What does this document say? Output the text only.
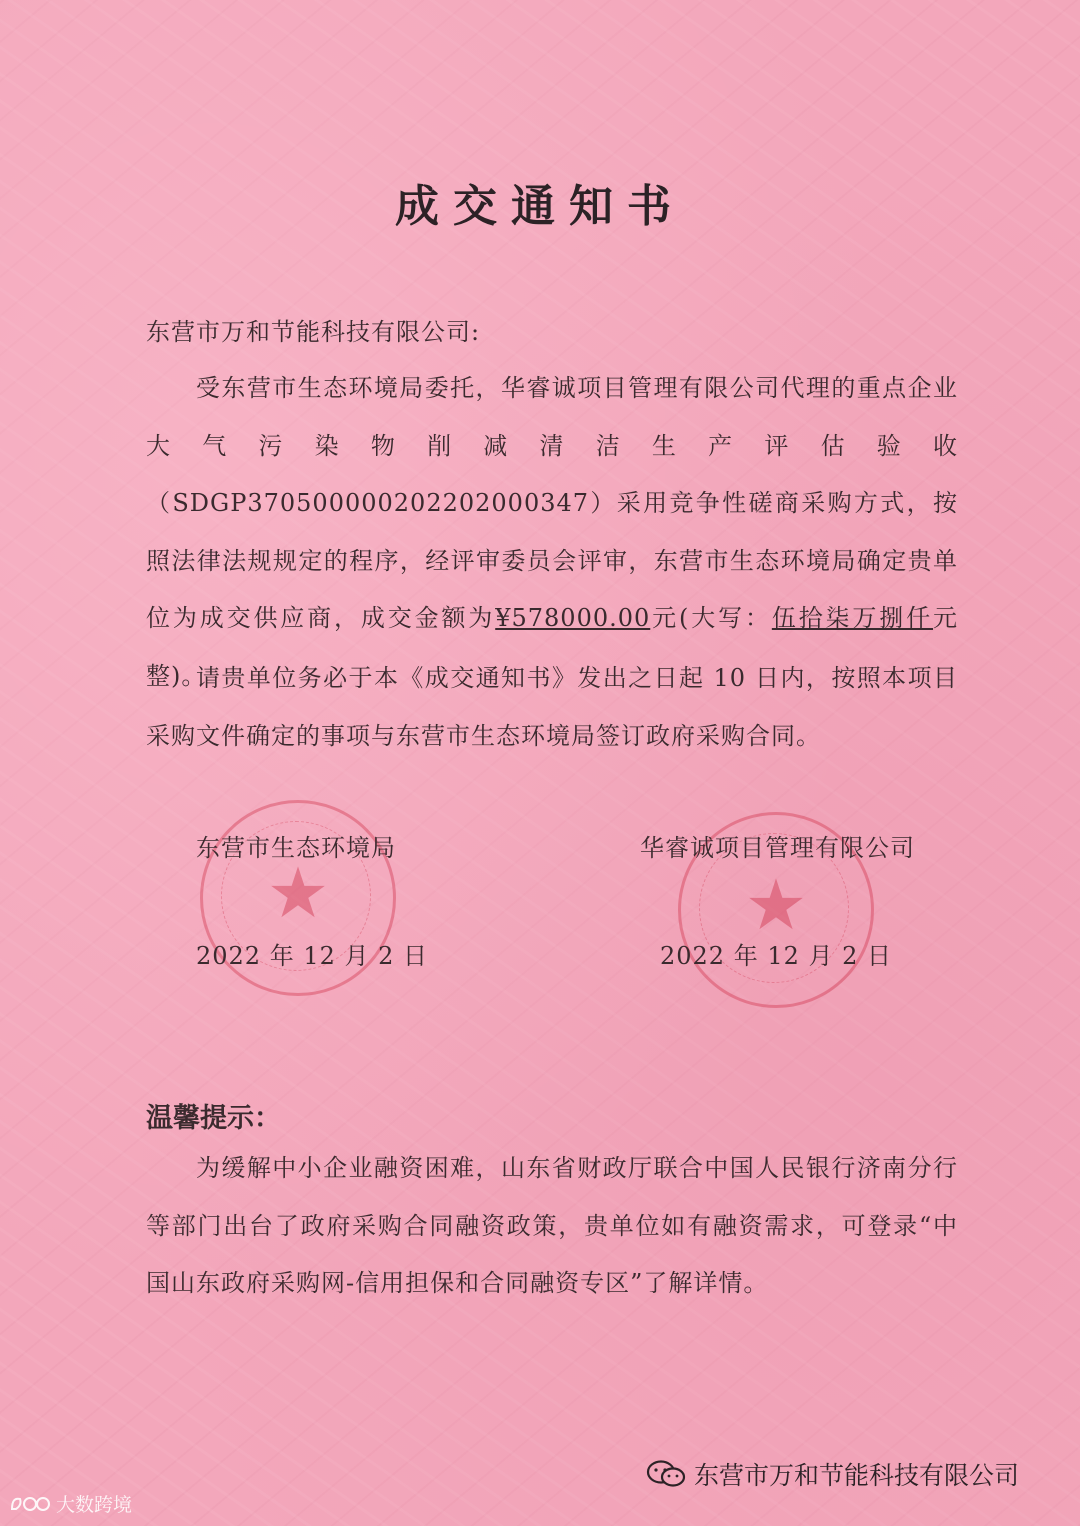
成交通知书
东营市万和节能科技有限公司:
受东营市生态环境局委托，华睿诚项目管理有限公司代理的重点企业大气污染物削减清洁生产评估验收（SDGP370500000202202000347）采用竞争性磋商采购方式，按照法律法规规定的程序，经评审委员会评审，东营市生态环境局确定贵单位为成交供应商，成交金额为¥578000.00元(大写：伍拾柒万捌仟元整)。
请贵单位务必于本《成交通知书》发出之日起 10 日内，按照本项目采购文件确定的事项与东营市生态环境局签订政府采购合同。
★	★
东营市生态环境局	华睿诚项目管理有限公司
2022 年 12 月 2 日	2022 年 12 月 2 日
温馨提示：
为缓解中小企业融资困难，山东省财政厅联合中国人民银行济南分行等部门出台了政府采购合同融资政策，贵单位如有融资需求，可登录“中国山东政府采购网-信用担保和合同融资专区”了解详情。
东营市万和节能科技有限公司
大数跨境
